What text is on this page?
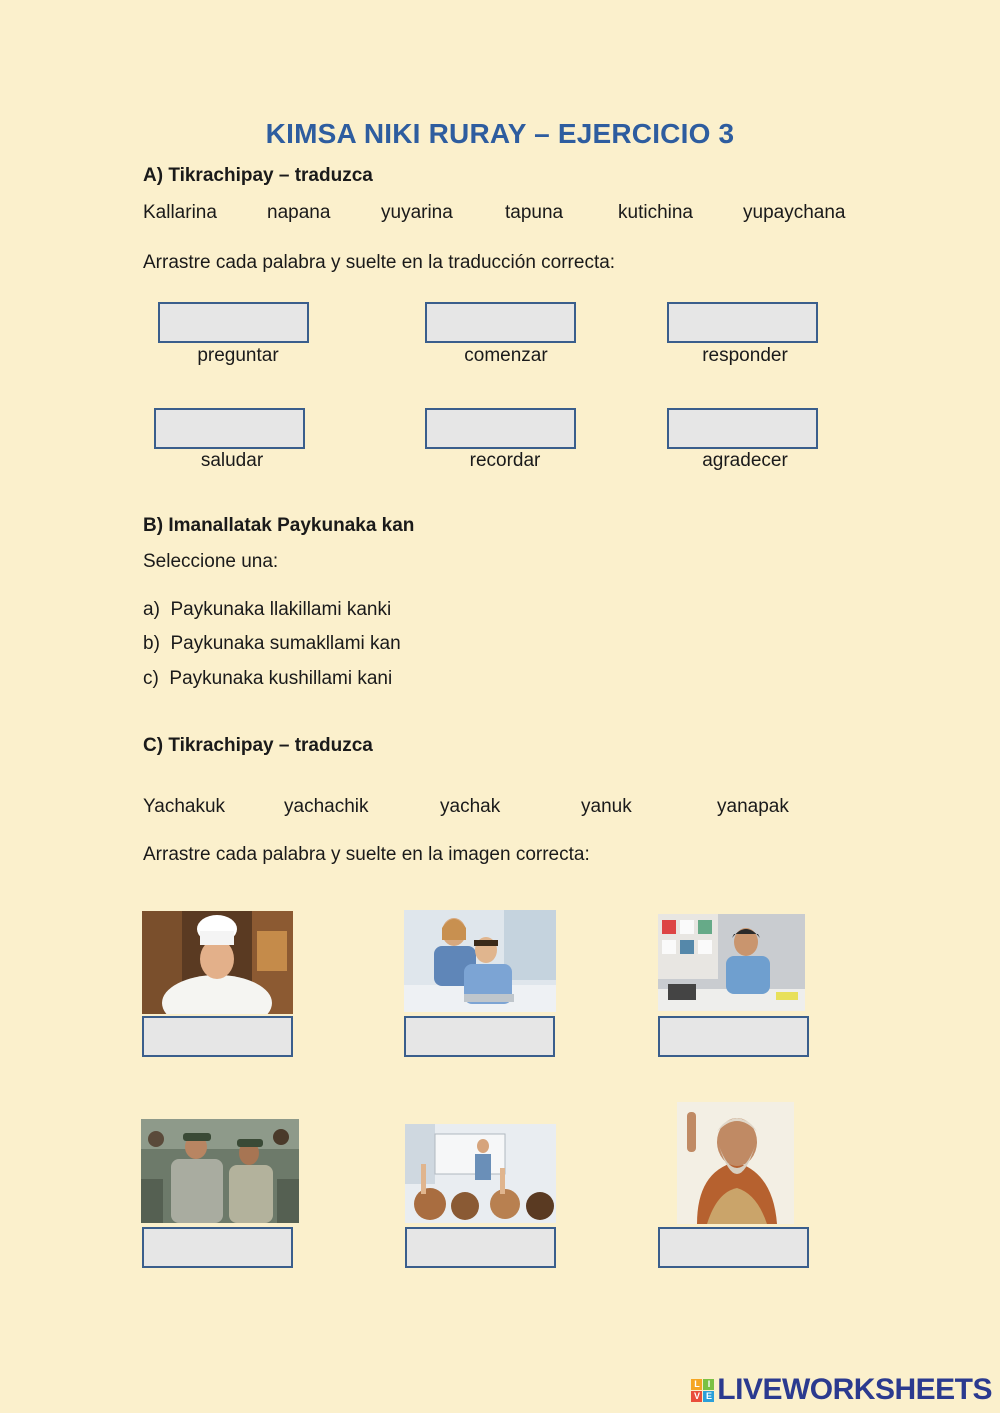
KIMSA NIKI RURAY – EJERCICIO 3
A) Tikrachipay – traduzca
Kallarina	napana	yuyarina	tapuna	kutichina	yupaychana
Arrastre cada palabra y suelte en la traducción correcta:
preguntar	comenzar	responder
saludar	recordar	agradecer
B) Imanallatak Paykunaka kan
Seleccione una:
a) Paykunaka llakillami kanki
b) Paykunaka sumakllami kan
c) Paykunaka kushillami kani
C) Tikrachipay – traduzca
Yachakuk	yachachik	yachak	yanuk	yanapak
Arrastre cada palabra y suelte en la imagen correcta:
L I
V E LIVEWORKSHEETS
